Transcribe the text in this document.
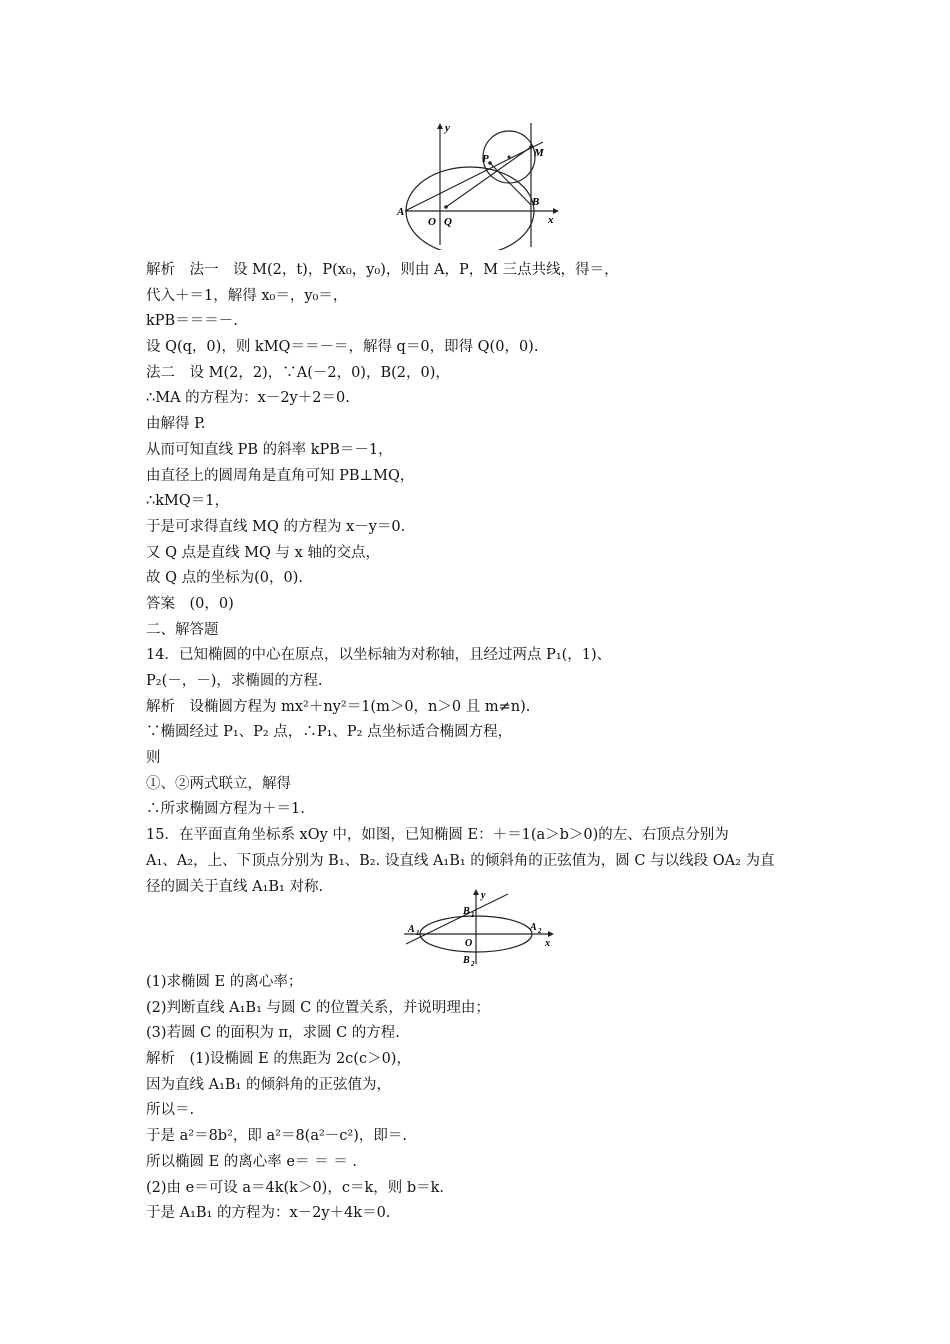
y
x
A
O Q
B
P	M
解析　法一　设 M(2，t)，P(x₀，y₀)，则由 A，P，M 三点共线，得＝，
代入＋＝1，解得 x₀＝，y₀＝，
kPB＝＝＝－.
设 Q(q，0)，则 kMQ＝＝－＝，解得 q＝0，即得 Q(0，0).
法二　设 M(2，2)，∵A(－2，0)，B(2，0)，
∴MA 的方程为：x－2y＋2＝0.
由解得 P.
从而可知直线 PB 的斜率 kPB＝－1，
由直径上的圆周角是直角可知 PB⊥MQ，
∴kMQ＝1，
于是可求得直线 MQ 的方程为 x－y＝0.
又 Q 点是直线 MQ 与 x 轴的交点，
故 Q 点的坐标为(0，0).
答案　(0，0)
二、解答题
14．已知椭圆的中心在原点，以坐标轴为对称轴，且经过两点 P₁(，1)、
P₂(－，－)，求椭圆的方程.
解析　设椭圆方程为 mx²＋ny²＝1(m＞0，n＞0 且 m≠n).
∵椭圆经过 P₁、P₂ 点，∴P₁、P₂ 点坐标适合椭圆方程，
则
①、②两式联立，解得
∴所求椭圆方程为＋＝1.
15．在平面直角坐标系 xOy 中，如图，已知椭圆 E：＋＝1(a＞b＞0)的左、右顶点分别为
A₁、A₂，上、下顶点分别为 B₁、B₂. 设直线 A₁B₁ 的倾斜角的正弦值为，圆 C 与以线段 OA₂ 为直
径的圆关于直线 A₁B₁ 对称.
y
x
A 1	A 2
B 1
B 2
O
(1)求椭圆 E 的离心率；
(2)判断直线 A₁B₁ 与圆 C 的位置关系，并说明理由；
(3)若圆 C 的面积为 π，求圆 C 的方程.
解析　(1)设椭圆 E 的焦距为 2c(c＞0)，
因为直线 A₁B₁ 的倾斜角的正弦值为，
所以＝.
于是 a²＝8b²，即 a²＝8(a²－c²)，即＝.
所以椭圆 E 的离心率 e＝ ＝ ＝ .
(2)由 e＝可设 a＝4k(k＞0)，c＝k，则 b＝k.
于是 A₁B₁ 的方程为：x－2y＋4k＝0.
